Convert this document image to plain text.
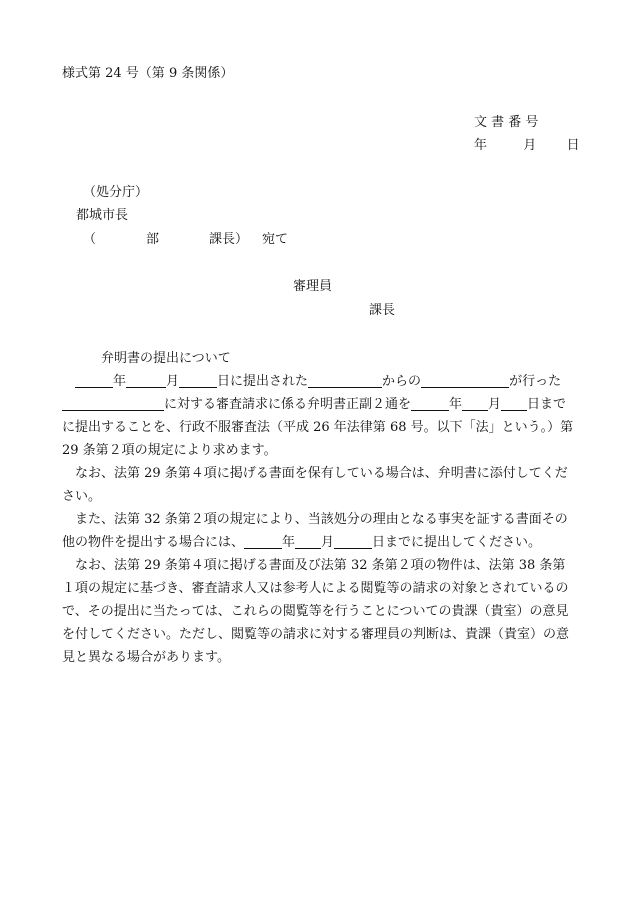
様式第 24 号（第 9 条関係）
文 書 番 号
年	月 日
（処分庁）
都城市長
（	部	課長） 宛て
審理員
課長

弁明書の提出について

年	月	日に提出された	からの	が行ったに対する審査請求に係る弁明書正副２通を	年 月 日までに提出することを、行政不服審査法（平成 26 年法律第 68 号。以下「法」という。）第 29 条第２項の規定により求めます。

なお、法第 29 条第４項に掲げる書面を保有している場合は、弁明書に添付してください。

また、法第 32 条第２項の規定により、当該処分の理由となる事実を証する書面その他の物件を提出する場合には、	年 月	日までに提出してください。

なお、法第 29 条第４項に掲げる書面及び法第 32 条第２項の物件は、法第 38 条第１項の規定に基づき、審査請求人又は参考人による閲覧等の請求の対象とされているので、その提出に当たっては、これらの閲覧等を行うことについての貴課（貴室）の意見を付してください。ただし、閲覧等の請求に対する審理員の判断は、貴課（貴室）の意見と異なる場合があります。
